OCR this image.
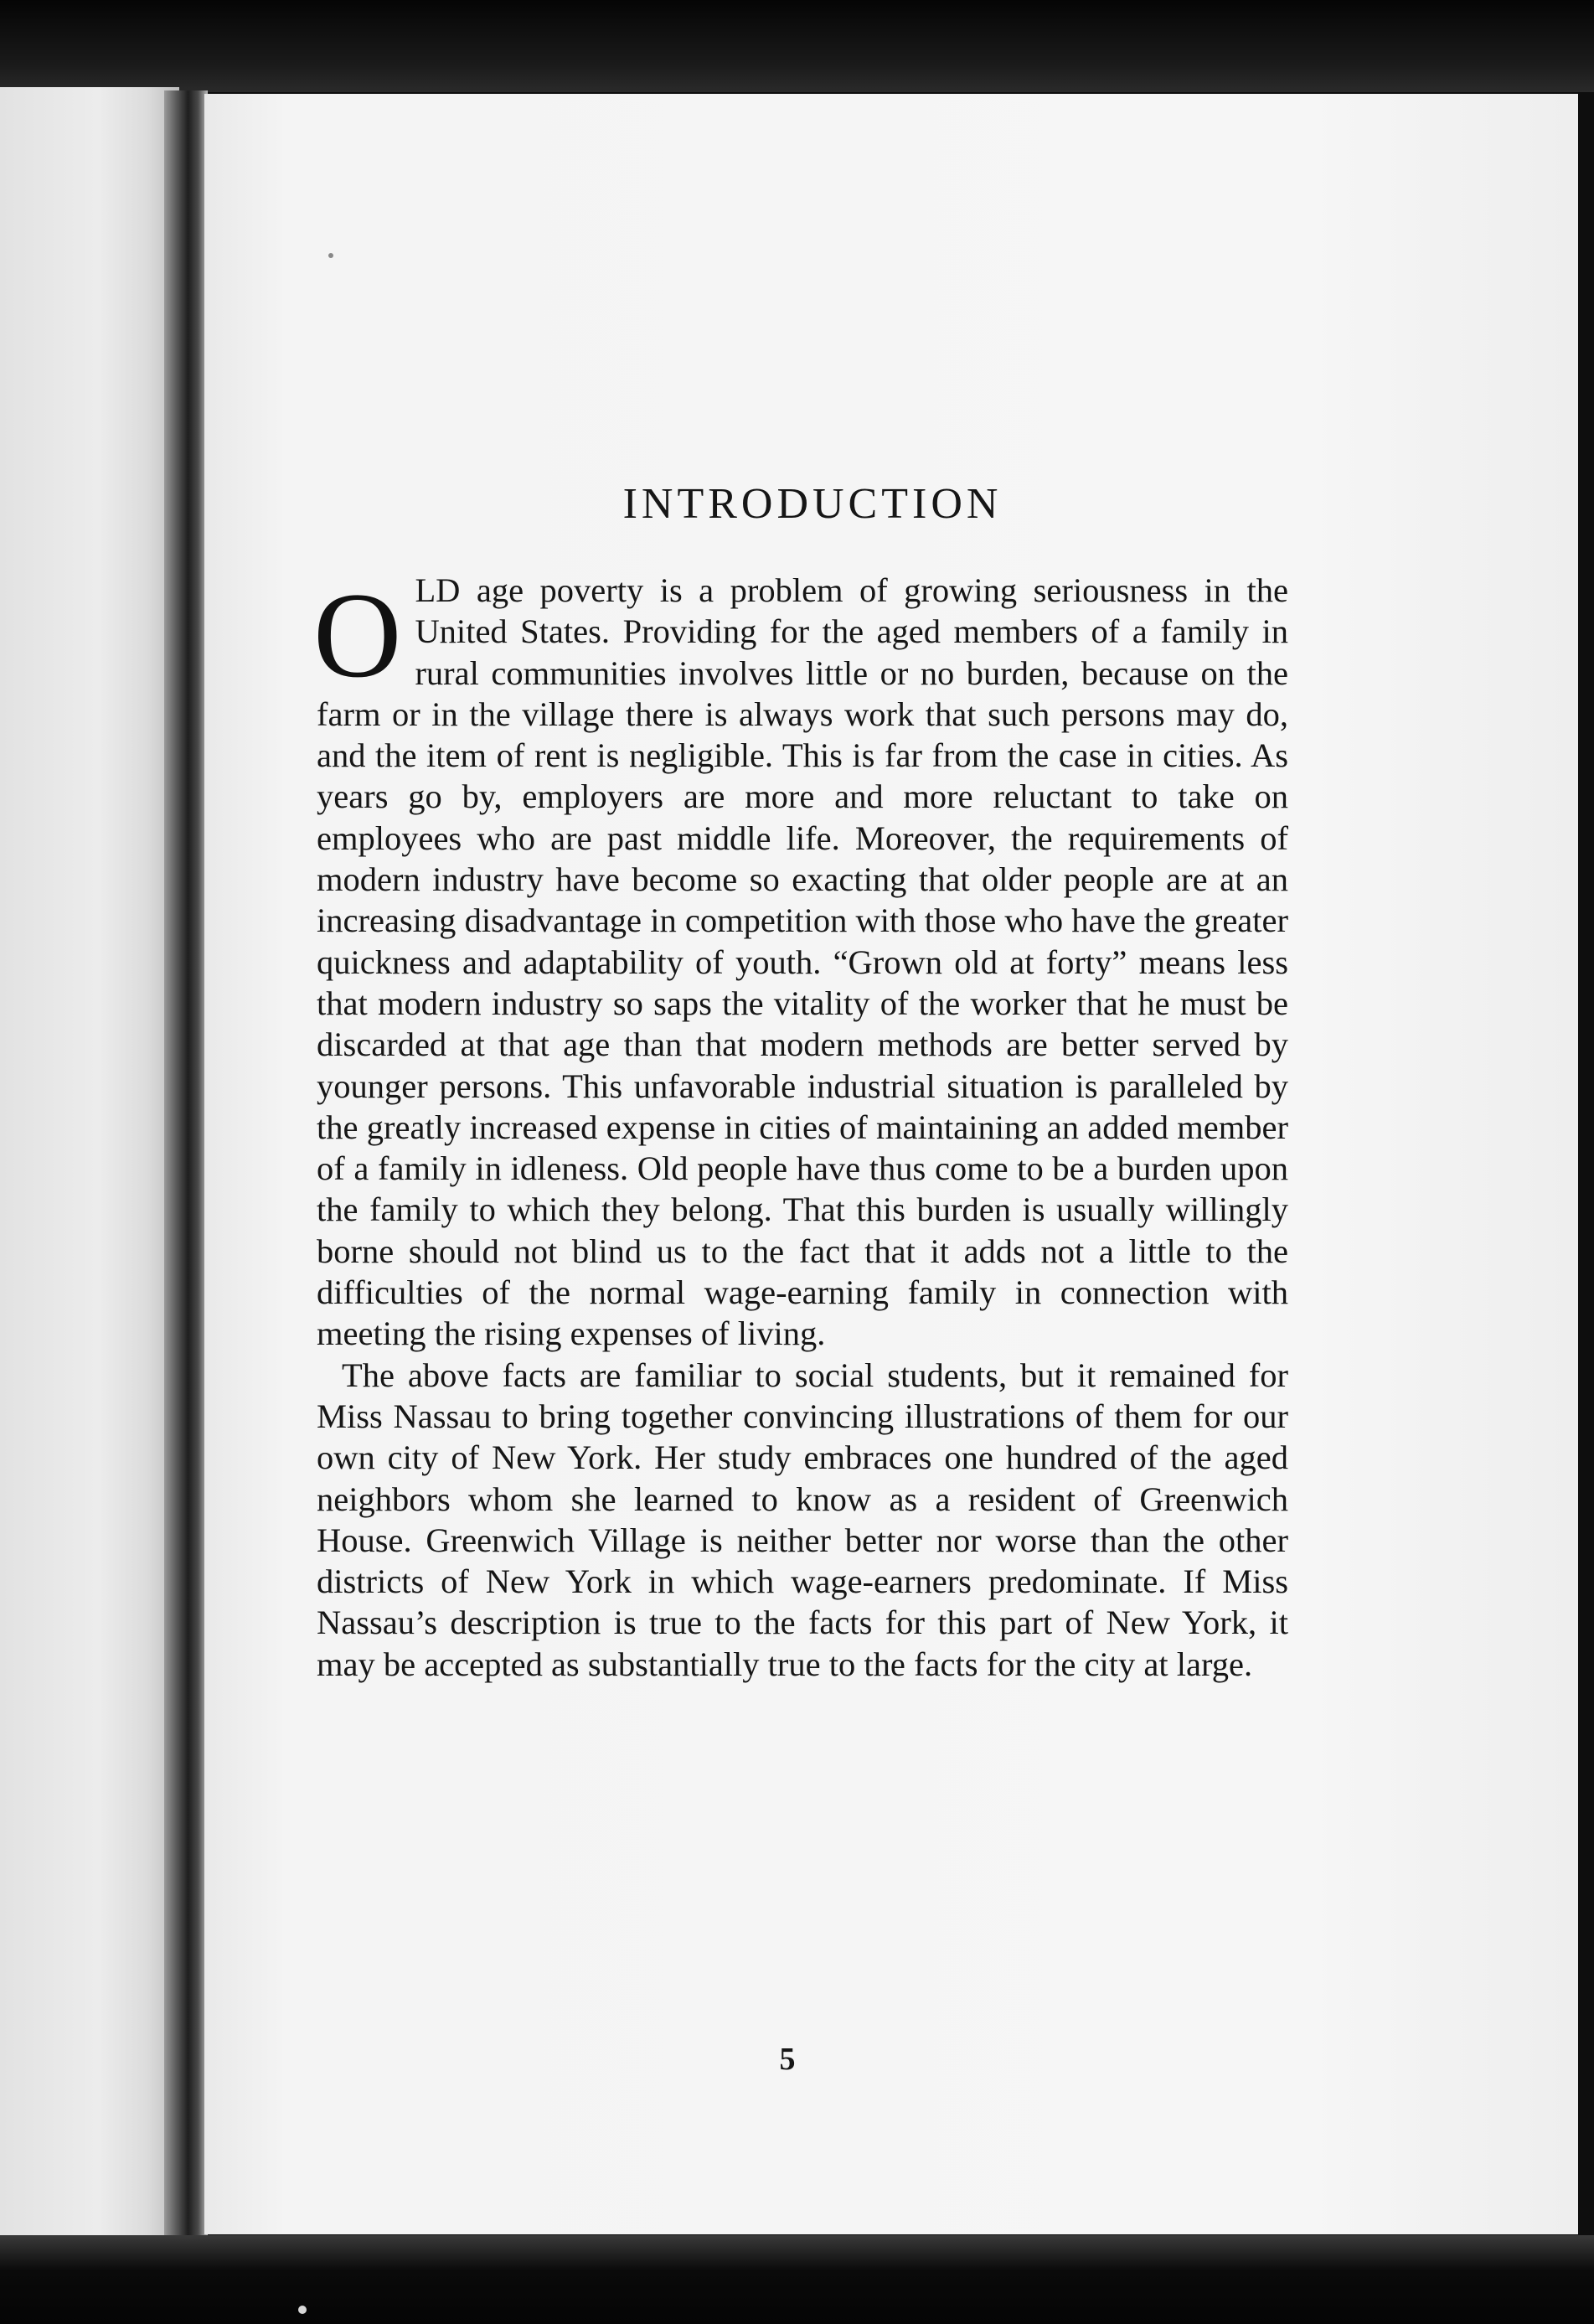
INTRODUCTION

OLD age poverty is a problem of growing seriousness in the United States. Providing for the aged members of a family in rural communities involves little or no burden, because on the farm or in the village there is always work that such persons may do, and the item of rent is negligible. This is far from the case in cities. As years go by, employers are more and more reluctant to take on employees who are past middle life. Moreover, the requirements of modern industry have become so exacting that older people are at an increasing disadvantage in competition with those who have the greater quickness and adaptability of youth. “Grown old at forty” means less that modern industry so saps the vitality of the worker that he must be discarded at that age than that modern methods are better served by younger persons. This unfavorable industrial situation is paralleled by the greatly increased expense in cities of maintaining an added member of a family in idleness. Old people have thus come to be a burden upon the family to which they belong. That this burden is usually willingly borne should not blind us to the fact that it adds not a little to the difficulties of the normal wage-earning family in connection with meeting the rising expenses of living.

The above facts are familiar to social students, but it remained for Miss Nassau to bring together convincing illustrations of them for our own city of New York. Her study embraces one hundred of the aged neighbors whom she learned to know as a resident of Greenwich House. Greenwich Village is neither better nor worse than the other districts of New York in which wage-earners predominate. If Miss Nassau’s description is true to the facts for this part of New York, it may be accepted as substantially true to the facts for the city at large.

5
